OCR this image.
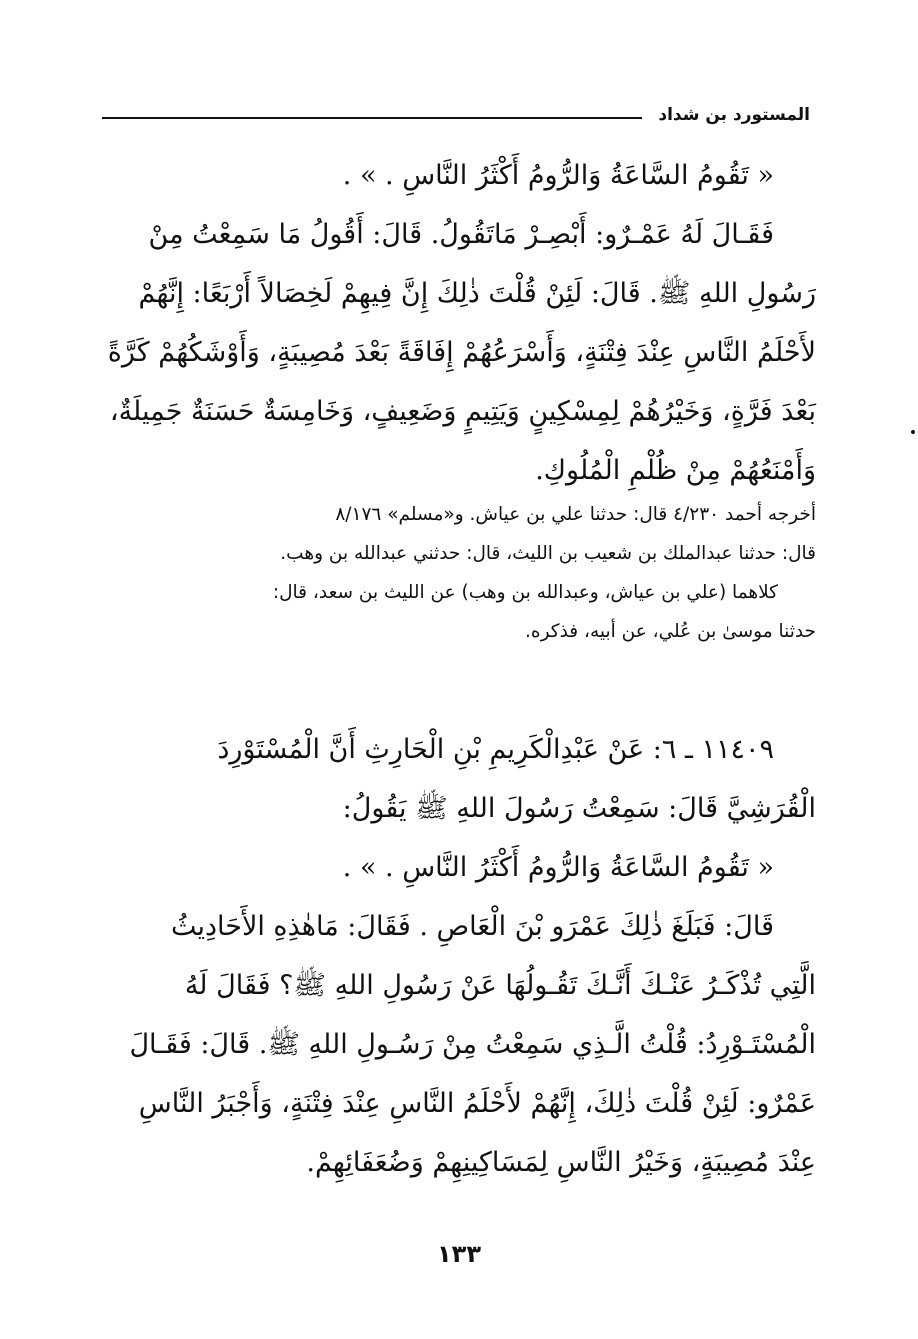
المستورد بن شداد

« تَقُومُ السَّاعَةُ وَالرُّومُ أَكْثَرُ النَّاسِ . » .

فَقَـالَ لَهُ عَمْـرٌو: أَبْصِـرْ مَاتَقُولُ. قَالَ: أَقُولُ مَا سَمِعْتُ مِنْ

رَسُولِ اللهِ ﷺ. قَالَ: لَئِنْ قُلْتَ ذٰلِكَ إِنَّ فِيهِمْ لَخِصَالاً أَرْبَعًا: إِنَّهُمْ

لأَحْلَمُ النَّاسِ عِنْدَ فِتْنَةٍ، وَأَسْرَعُهُمْ إِفَاقَةً بَعْدَ مُصِيبَةٍ، وَأَوْشَكُهُمْ كَرَّةً

بَعْدَ فَرَّةٍ، وَخَيْرُهُمْ لِمِسْكِينٍ وَيَتِيمٍ وَضَعِيفٍ، وَخَامِسَةٌ حَسَنَةٌ جَمِيلَةٌ،

وَأَمْنَعُهُمْ مِنْ ظُلْمِ الْمُلُوكِ.

أخرجه أحمد ٤/٢٣٠ قال: حدثنا علي بن عياش. و«مسلم» ٨/١٧٦

قال: حدثنا عبدالملك بن شعيب بن الليث، قال: حدثني عبدالله بن وهب.

كلاهما (علي بن عياش، وعبدالله بن وهب) عن الليث بن سعد، قال:

حدثنا موسىٰ بن عُلي، عن أبيه، فذكره.

١١٤٠٩ ـ ٦: عَنْ عَبْدِالْكَرِيمِ بْنِ الْحَارِثِ أَنَّ الْمُسْتَوْرِدَ

الْقُرَشِيَّ قَالَ: سَمِعْتُ رَسُولَ اللهِ ﷺ يَقُولُ:

« تَقُومُ السَّاعَةُ وَالرُّومُ أَكْثَرُ النَّاسِ . » .

قَالَ: فَبَلَغَ ذٰلِكَ عَمْرَو بْنَ الْعَاصِ . فَقَالَ: مَاهٰذِهِ الأَحَادِيثُ

الَّتِي تُذْكَـرُ عَنْـكَ أَنَّـكَ تَقُـولُهَا عَنْ رَسُولِ اللهِ ﷺ؟ فَقَالَ لَهُ

الْمُسْتَـوْرِدُ: قُلْتُ الَّـذِي سَمِعْتُ مِنْ رَسُـولِ اللهِ ﷺ. قَالَ: فَقَـالَ

عَمْرٌو: لَئِنْ قُلْتَ ذٰلِكَ، إِنَّهُمْ لأَحْلَمُ النَّاسِ عِنْدَ فِتْنَةٍ، وَأَجْبَرُ النَّاسِ

عِنْدَ مُصِيبَةٍ، وَخَيْرُ النَّاسِ لِمَسَاكِينِهِمْ وَضُعَفَائِهِمْ.

١٣٣
